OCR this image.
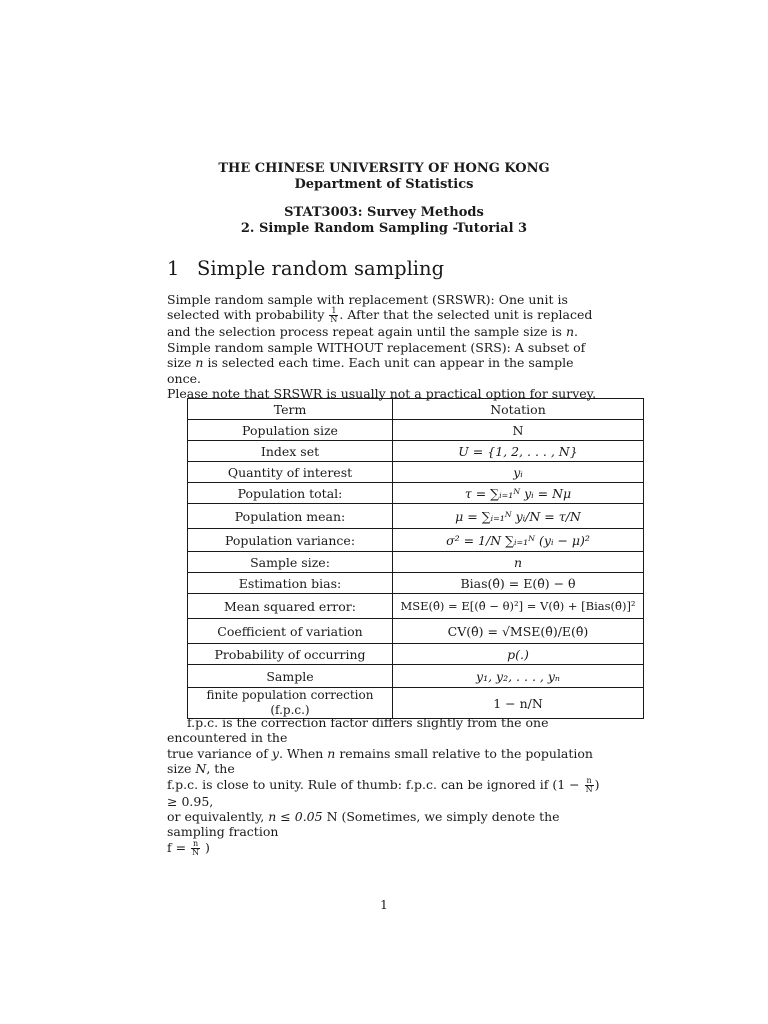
THE CHINESE UNIVERSITY OF HONG KONG
Department of Statistics
STAT3003: Survey Methods
2. Simple Random Sampling -Tutorial 3
1 Simple random sampling
Simple random sample with replacement (SRSWR): One unit is selected with probability $\frac{1}{N}$ . After that the selected unit is replaced and the selection process repeat again until the sample size is n.
Simple random sample WITHOUT replacement (SRS): A subset of size n is selected each time. Each unit can appear in the sample once.
Please note that SRSWR is usually not a practical option for survey.
Term	Notation
Population size	N
Index set	U = {1, 2, . . . , N}
Quantity of interest	yᵢ
Population total:	τ = ∑ᵢ₌₁ᴺ yᵢ = Nμ
Population mean:	μ = ∑ᵢ₌₁ᴺ yᵢ/N = τ/N
Population variance:	σ² = 1/N ∑ᵢ₌₁ᴺ (yᵢ − μ)²
Sample size:	n
Estimation bias:	Bias(θ̂) = E(θ̂) − θ
Mean squared error:	MSE(θ̂) = E[(θ̂ − θ)²] = V(θ̂) + [Bias(θ̂)]²
Coefficient of variation	CV(θ̂) = √MSE(θ̂)/E(θ̂)
Probability of occurring	p(.)
Sample	y₁, y₂, . . . , yₙ
finite population correction (f.p.c.)	1 − n/N
f.p.c. is the correction factor differs slightly from the one encountered in the
true variance of y. When n remains small relative to the population size N, the
f.p.c. is close to unity. Rule of thumb: f.p.c. can be ignored if ($1 - \frac{n}{N}$ ) ≥ 0.95,
or equivalently, n ≤ 0.05 N (Sometimes, we simply denote the sampling fraction
$f = \frac{n}{N}$ )
1
